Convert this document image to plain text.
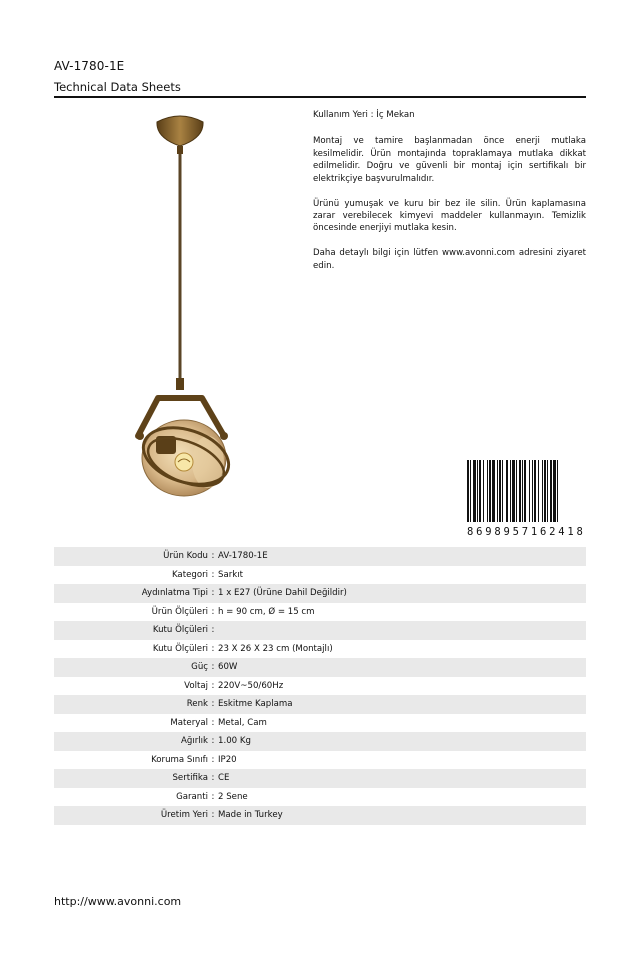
AV-1780-1E
Technical Data Sheets

Kullanım Yeri : İç Mekan

Montaj ve tamire başlanmadan önce enerji mutlaka kesilmelidir. Ürün montajında topraklamaya mutlaka dikkat edilmelidir. Doğru ve güvenli bir montaj için sertifikalı bir elektrikçiye başvurulmalıdır.

Ürünü yumuşak ve kuru bir bez ile silin. Ürün kaplamasına zarar verebilecek kimyevi maddeler kullanmayın. Temizlik öncesinde enerjiyi mutlaka kesin.

Daha detaylı bilgi için lütfen www.avonni.com adresini ziyaret edin.

8 6 9 8 9 5 7 1 6 2 4 1 8
Ürün Kodu : AV-1780-1E
Kategori : Sarkıt
Aydınlatma Tipi : 1 x E27 (Ürüne Dahil Değildir)
Ürün Ölçüleri : h = 90 cm, Ø = 15 cm
Kutu Ölçüleri :
Kutu Ölçüleri : 23 X 26 X 23 cm (Montajlı)
Güç : 60W
Voltaj : 220V~50/60Hz
Renk : Eskitme Kaplama
Materyal : Metal, Cam
Ağırlık : 1.00 Kg
Koruma Sınıfı : IP20
Sertifika : CE
Garanti : 2 Sene
Üretim Yeri : Made in Turkey
http://www.avonni.com
